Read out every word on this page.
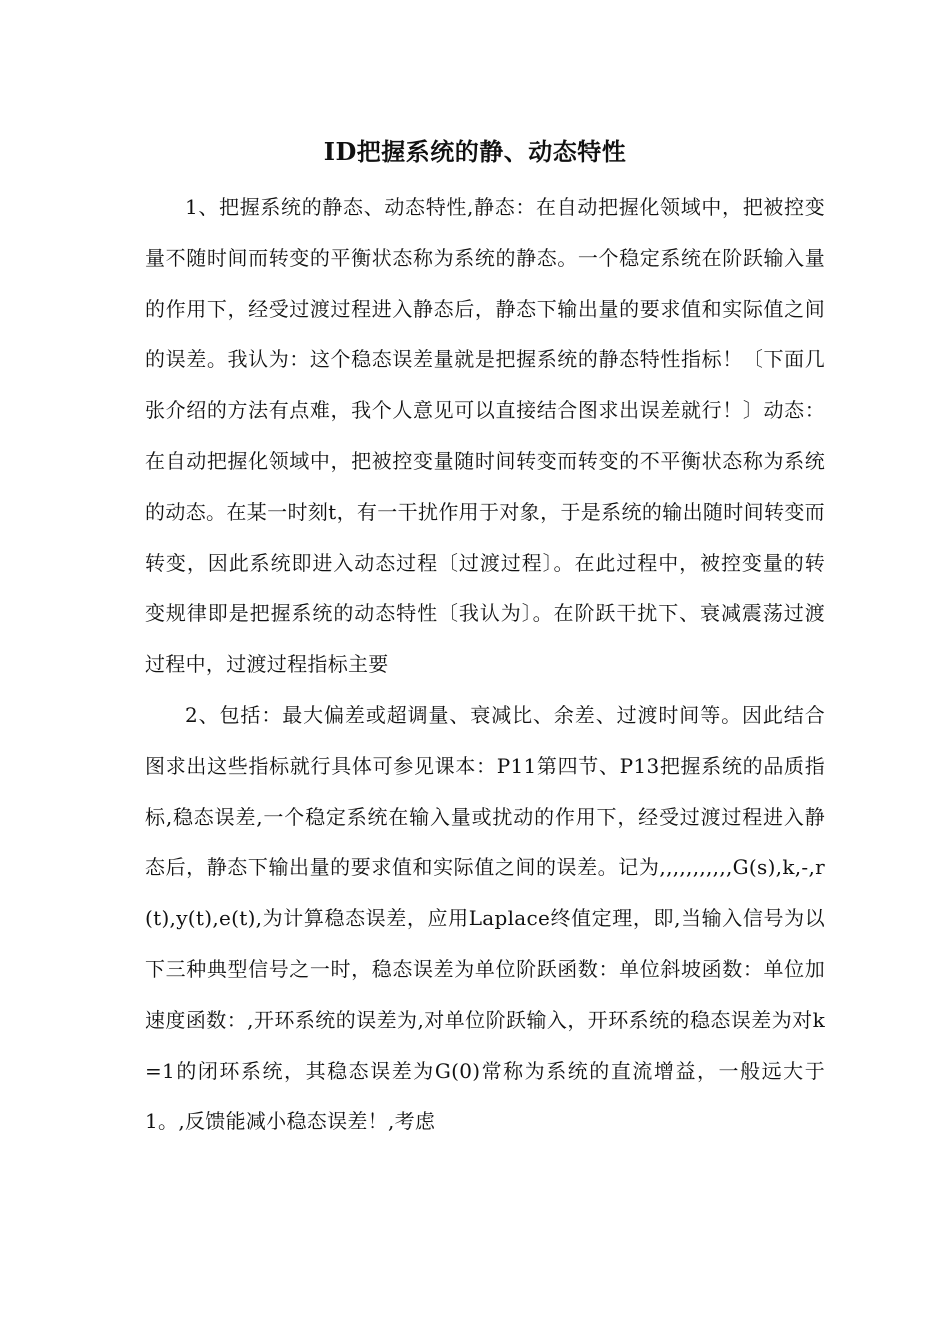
ID把握系统的静、动态特性

1、把握系统的静态、动态特性,静态：在自动把握化领域中，把被控变量不随时间而转变的平衡状态称为系统的静态。一个稳定系统在阶跃输入量的作用下，经受过渡过程进入静态后，静态下输出量的要求值和实际值之间的误差。我认为：这个稳态误差量就是把握系统的静态特性指标！〔下面几张介绍的方法有点难，我个人意见可以直接结合图求出误差就行！〕动态：在自动把握化领域中，把被控变量随时间转变而转变的不平衡状态称为系统的动态。在某一时刻t，有一干扰作用于对象，于是系统的输出随时间转变而转变，因此系统即进入动态过程〔过渡过程〕。在此过程中，被控变量的转变规律即是把握系统的动态特性〔我认为〕。在阶跃干扰下、衰减震荡过渡过程中，过渡过程指标主要

2、包括：最大偏差或超调量、衰减比、余差、过渡时间等。因此结合图求出这些指标就行具体可参见课本：P11第四节、P13把握系统的品质指标,稳态误差,一个稳定系统在输入量或扰动的作用下，经受过渡过程进入静态后，静态下输出量的要求值和实际值之间的误差。记为,,,,,,,,,,,G(s),k,-,r(t),y(t),e(t),为计算稳态误差，应用Laplace终值定理，即,当输入信号为以下三种典型信号之一时，稳态误差为单位阶跃函数：单位斜坡函数：单位加速度函数：,开环系统的误差为,对单位阶跃输入，开环系统的稳态误差为对k=1的闭环系统，其稳态误差为G(0)常称为系统的直流增益，一般远大于1。,反馈能减小稳态误差！,考虑
